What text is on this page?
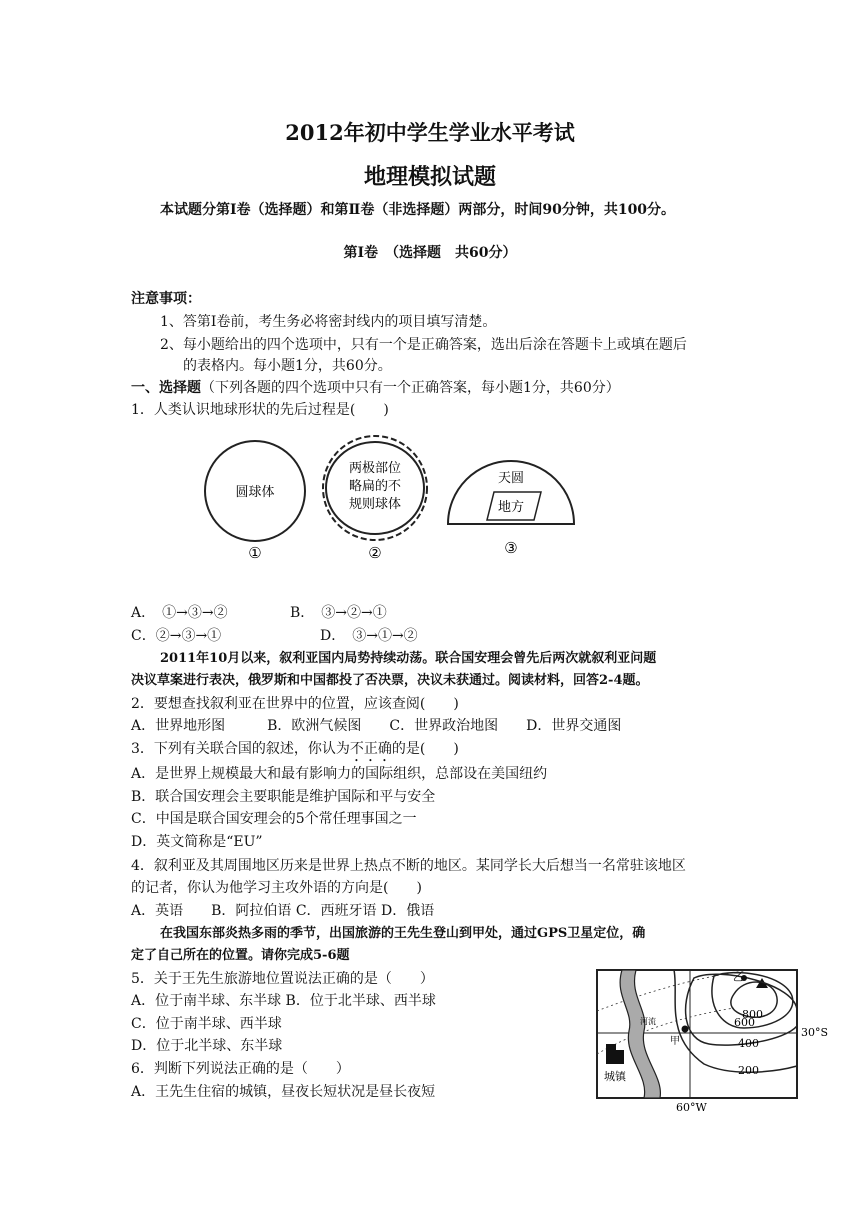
2012年初中学生学业水平考试
地理模拟试题
本试题分第Ⅰ卷（选择题）和第Ⅱ卷（非选择题）两部分，时间90分钟，共100分。
第Ⅰ卷　（选择题　共60分）
注意事项：
1、答第Ⅰ卷前，考生务必将密封线内的项目填写清楚。
2、每小题给出的四个选项中，只有一个是正确答案，选出后涂在答题卡上或填在题后
的表格内。每小题1分，共60分。
一、选择题（下列各题的四个选项中只有一个正确答案，每小题1分，共60分）
1．人类认识地球形状的先后过程是(　　)
圆球体
①
两极部位
略扁的不
规则球体
②
天圆
地方
③
A．　①→③→②	B．　③→②→①
C．②→③→①	D．　③→①→②
2011年10月以来，叙利亚国内局势持续动荡。联合国安理会曾先后两次就叙利亚问题
决议草案进行表决，俄罗斯和中国都投了否决票，决议未获通过。阅读材料，回答2-4题。
2．要想查找叙利亚在世界中的位置，应该查阅(　　)
A．世界地形图　　　B．欧洲气候图　　C．世界政治地图　　D．世界交通图
3．下列有关联合国的叙述，你认为不正确的是(　　)
A．是世界上规模最大和最有影响力的国际组织，总部设在美国纽约
B．联合国安理会主要职能是维护国际和平与安全
C．中国是联合国安理会的5个常任理事国之一
D．英文简称是“EU”
4．叙利亚及其周围地区历来是世界上热点不断的地区。某同学长大后想当一名常驻该地区
的记者，你认为他学习主攻外语的方向是(　　)
A．英语　　B．阿拉伯语 C．西班牙语 D．俄语
在我国东部炎热多雨的季节，出国旅游的王先生登山到甲处，通过GPS卫星定位，确
定了自己所在的位置。请你完成5-6题
5．关于王先生旅游地位置说法正确的是（　　）
A．位于南半球、东半球 B．位于北半球、西半球
C．位于南半球、西半球
D．位于北半球、东半球
6．判断下列说法正确的是（　　）
A．王先生住宿的城镇，昼夜长短状况是昼长夜短
河流
乙
甲
800
600
400
200
30°S
60°W
城镇
